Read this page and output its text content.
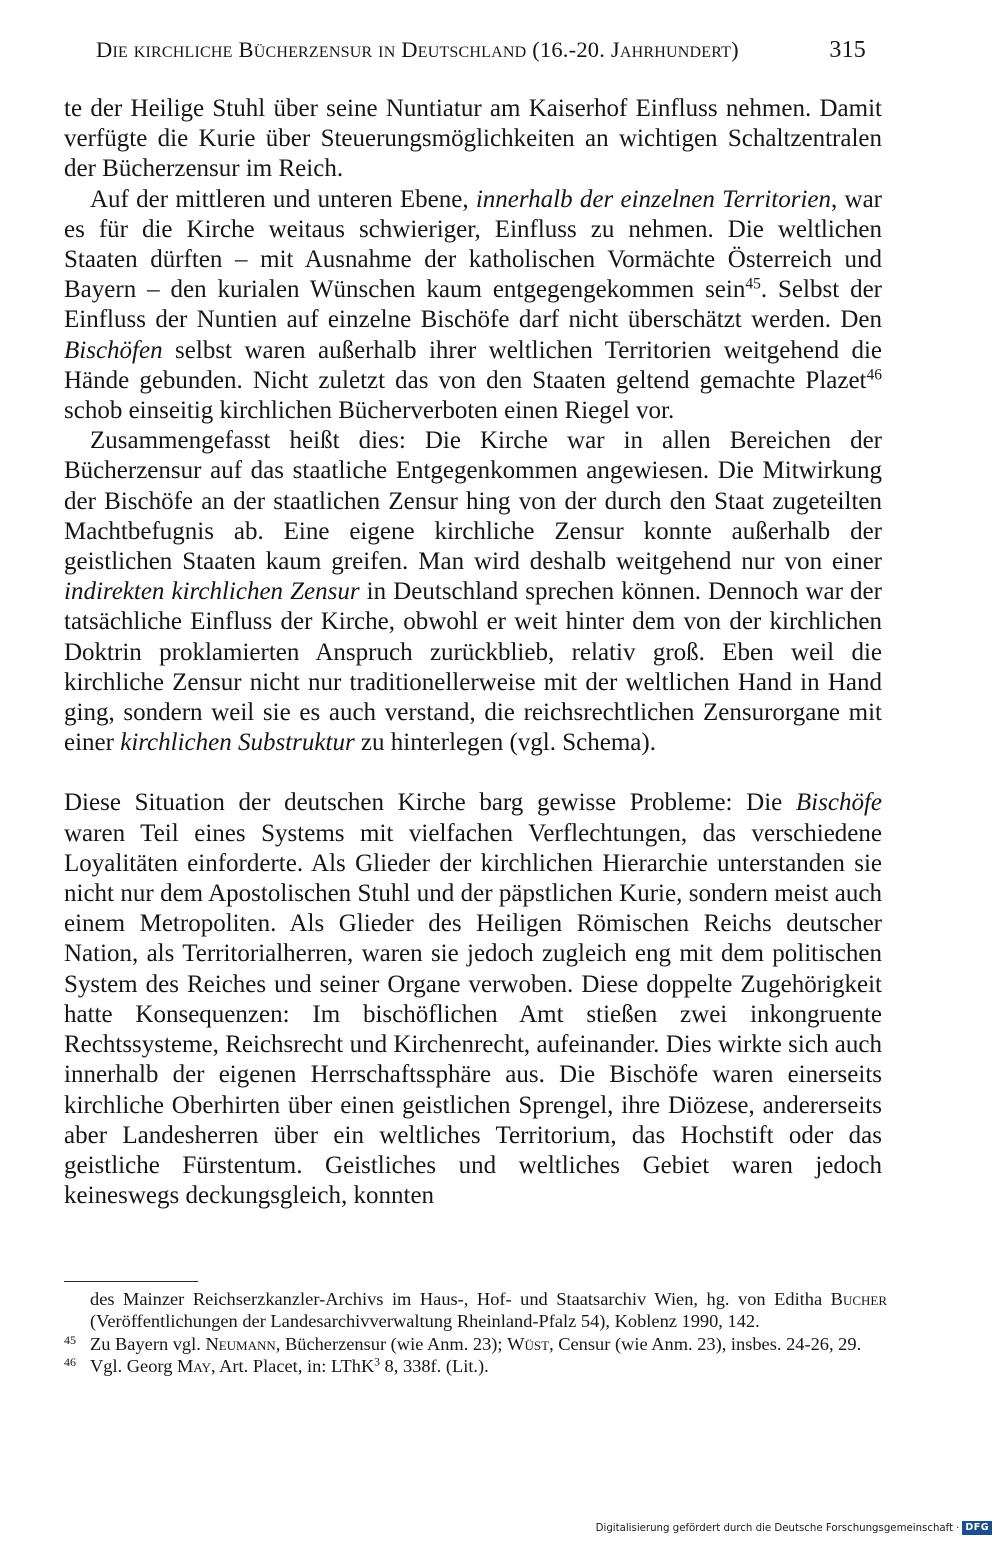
Die kirchliche Bücherzensur in Deutschland (16.-20. Jahrhundert)	315

te der Heilige Stuhl über seine Nuntiatur am Kaiserhof Einfluss nehmen. Damit verfügte die Kurie über Steuerungsmöglichkeiten an wichtigen Schaltzentralen der Bücherzensur im Reich.

Auf der mittleren und unteren Ebene, innerhalb der einzelnen Territorien, war es für die Kirche weitaus schwieriger, Einfluss zu nehmen. Die weltlichen Staaten dürften – mit Ausnahme der katholischen Vormächte Österreich und Bayern – den kurialen Wünschen kaum entgegengekommen sein$^{45}$. Selbst der Einfluss der Nuntien auf einzelne Bischöfe darf nicht überschätzt werden. Den Bischöfen selbst waren außerhalb ihrer weltlichen Territorien weitgehend die Hände gebunden. Nicht zuletzt das von den Staaten geltend gemachte Plazet$^{46}$ schob einseitig kirchlichen Bücherverboten einen Riegel vor.

Zusammengefasst heißt dies: Die Kirche war in allen Bereichen der Bücherzensur auf das staatliche Entgegenkommen angewiesen. Die Mitwirkung der Bischöfe an der staatlichen Zensur hing von der durch den Staat zugeteilten Machtbefugnis ab. Eine eigene kirchliche Zensur konnte außerhalb der geistlichen Staaten kaum greifen. Man wird deshalb weitgehend nur von einer indirekten kirchlichen Zensur in Deutschland sprechen können. Dennoch war der tatsächliche Einfluss der Kirche, obwohl er weit hinter dem von der kirchlichen Doktrin proklamierten Anspruch zurückblieb, relativ groß. Eben weil die kirchliche Zensur nicht nur traditionellerweise mit der weltlichen Hand in Hand ging, sondern weil sie es auch verstand, die reichsrechtlichen Zensurorgane mit einer kirchlichen Substruktur zu hinterlegen (vgl. Schema).

Diese Situation der deutschen Kirche barg gewisse Probleme: Die Bischöfe waren Teil eines Systems mit vielfachen Verflechtungen, das verschiedene Loyalitäten einforderte. Als Glieder der kirchlichen Hierarchie unterstanden sie nicht nur dem Apostolischen Stuhl und der päpstlichen Kurie, sondern meist auch einem Metropoliten. Als Glieder des Heiligen Römischen Reichs deutscher Nation, als Territorialherren, waren sie jedoch zugleich eng mit dem politischen System des Reiches und seiner Organe verwoben. Diese doppelte Zugehörigkeit hatte Konsequenzen: Im bischöflichen Amt stießen zwei inkongruente Rechtssysteme, Reichsrecht und Kirchenrecht, aufeinander. Dies wirkte sich auch innerhalb der eigenen Herrschaftssphäre aus. Die Bischöfe waren einerseits kirchliche Oberhirten über einen geistlichen Sprengel, ihre Diözese, andererseits aber Landesherren über ein weltliches Territorium, das Hochstift oder das geistliche Fürstentum. Geistliches und weltliches Gebiet waren jedoch keineswegs deckungsgleich, konnten

des Mainzer Reichserzkanzler-Archivs im Haus-, Hof- und Staatsarchiv Wien, hg. von Editha Bucher (Veröffentlichungen der Landesarchivverwaltung Rheinland-Pfalz 54), Koblenz 1990, 142.
45 Zu Bayern vgl. Neumann, Bücherzensur (wie Anm. 23); Wüst, Censur (wie Anm. 23), insbes. 24-26, 29.
46 Vgl. Georg May, Art. Placet, in: LThK$^3$ 8, 338f. (Lit.).
Digitalisierung gefördert durch die Deutsche Forschungsgemeinschaft · DFG
